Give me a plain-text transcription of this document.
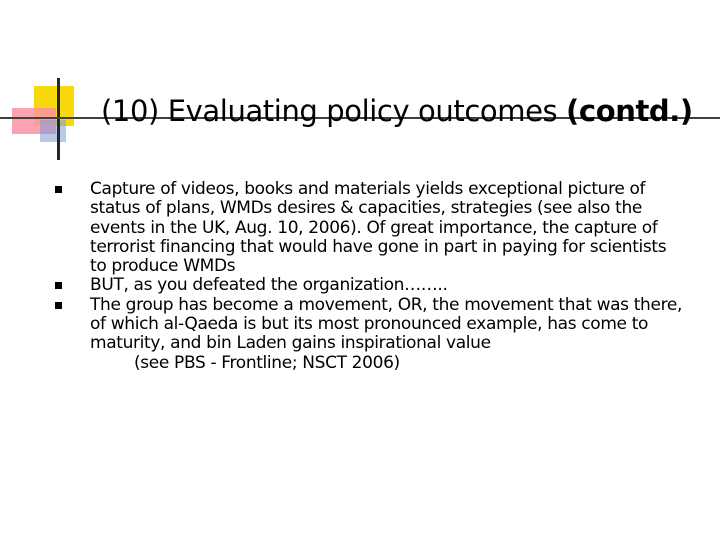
(10) Evaluating policy outcomes (contd.)
Capture of videos, books and materials yields exceptional picture of
status of plans, WMDs desires & capacities, strategies (see also the
events in the UK, Aug. 10, 2006). Of great importance, the capture of
terrorist financing that would have gone in part in paying for scientists
to produce WMDs
BUT, as you defeated the organization……..
The group has become a movement, OR, the movement that was there,
of which al-Qaeda is but its most pronounced example, has come to
maturity, and bin Laden gains inspirational value
(see PBS - Frontline; NSCT 2006)
